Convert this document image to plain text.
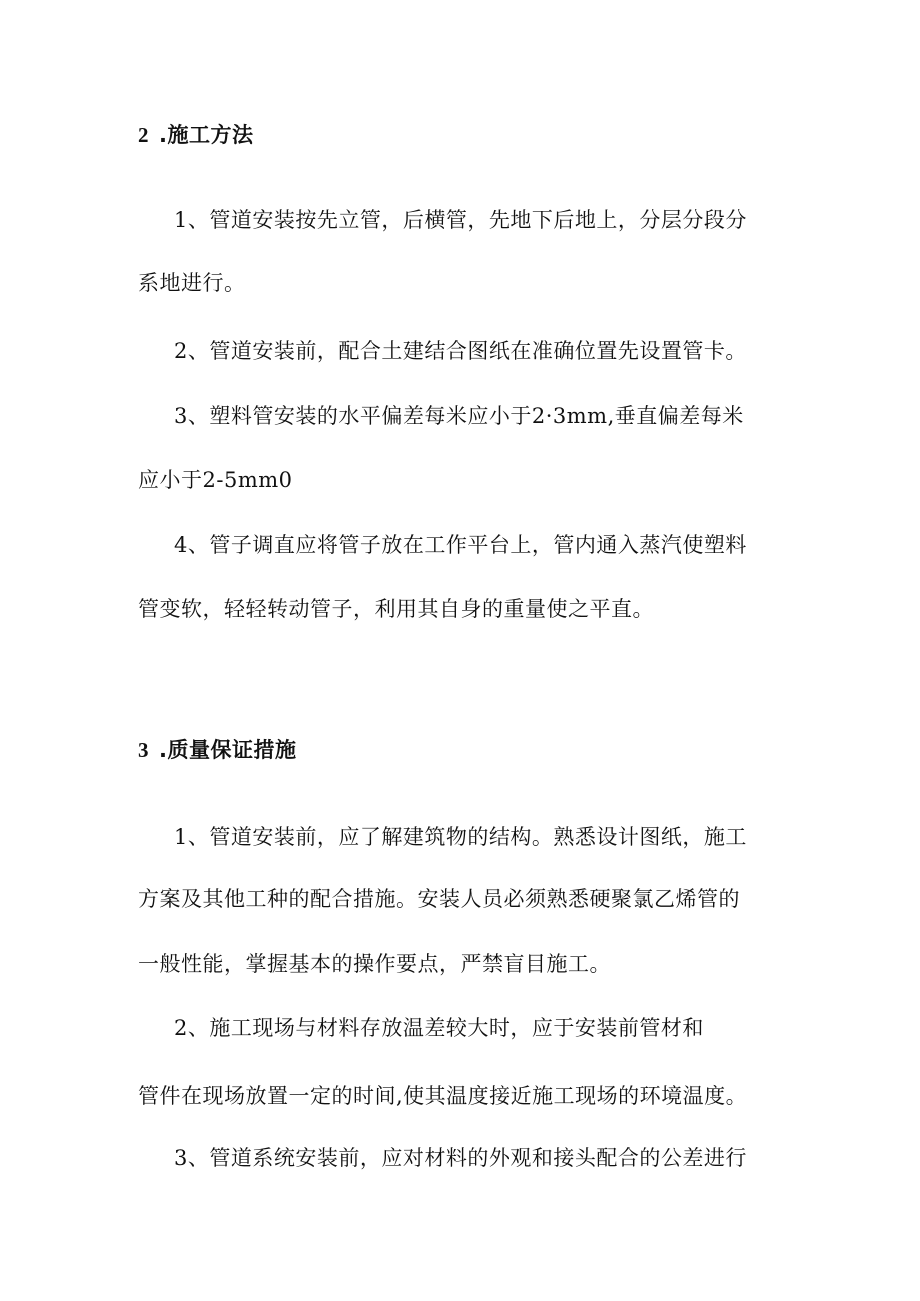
2 .施工方法
1、管道安装按先立管，后横管，先地下后地上，分层分段分
系地进行。
2、管道安装前，配合土建结合图纸在准确位置先设置管卡。
3、塑料管安装的水平偏差每米应小于2·3mm,垂直偏差每米
应小于2-5mm0
4、管子调直应将管子放在工作平台上，管内通入蒸汽使塑料
管变软，轻轻转动管子，利用其自身的重量使之平直。
3 .质量保证措施
1、管道安装前，应了解建筑物的结构。熟悉设计图纸，施工
方案及其他工种的配合措施。安装人员必须熟悉硬聚氯乙烯管的
一般性能，掌握基本的操作要点，严禁盲目施工。
2、施工现场与材料存放温差较大时，应于安装前管材和
管件在现场放置一定的时间,使其温度接近施工现场的环境温度。
3、管道系统安装前，应对材料的外观和接头配合的公差进行
